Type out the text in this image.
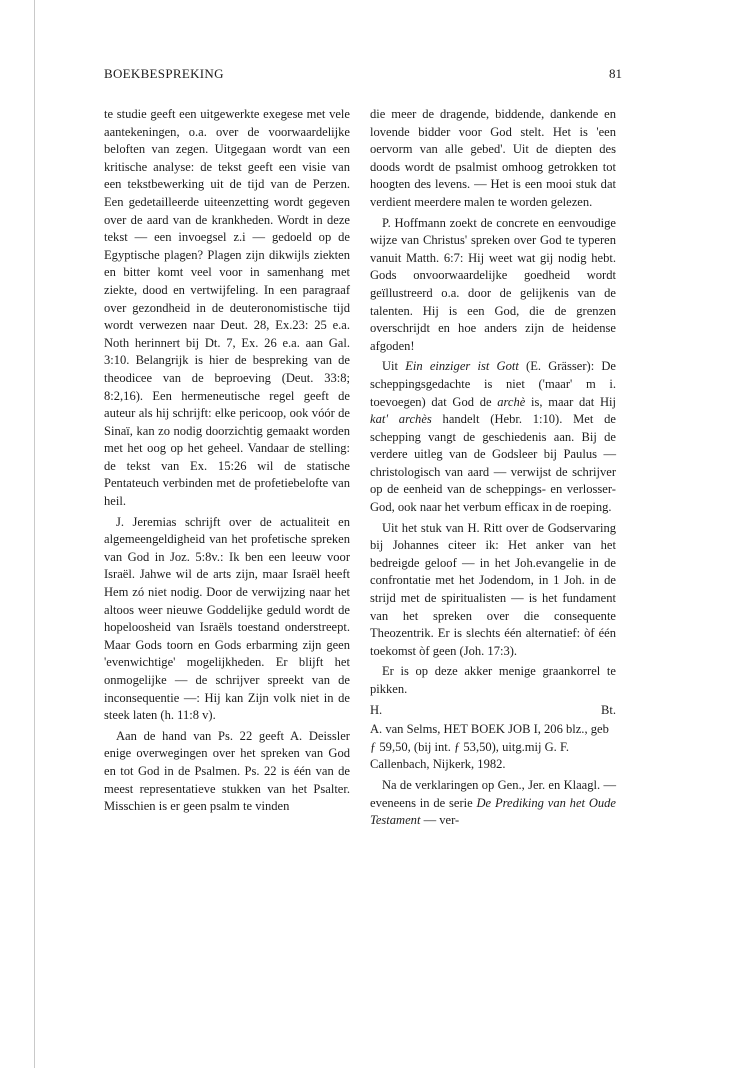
BOEKBESPREKING	81

te studie geeft een uitgewerkte exegese met vele aantekeningen, o.a. over de voorwaardelijke beloften van zegen. Uitgegaan wordt van een kritische analyse: de tekst geeft een visie van een tekstbewerking uit de tijd van de Perzen. Een gedetailleerde uiteenzetting wordt gegeven over de aard van de krankheden. Wordt in deze tekst — een invoegsel z.i — gedoeld op de Egyptische plagen? Plagen zijn dikwijls ziekten en bitter komt veel voor in samenhang met ziekte, dood en vertwijfeling. In een paragraaf over gezondheid in de deuteronomistische tijd wordt verwezen naar Deut. 28, Ex.23: 25 e.a. Noth herinnert bij Dt. 7, Ex. 26 e.a. aan Gal. 3:10. Belangrijk is hier de bespreking van de theodicee van de beproeving (Deut. 33:8; 8:2,16). Een hermeneutische regel geeft de auteur als hij schrijft: elke pericoop, ook vóór de Sinaï, kan zo nodig doorzichtig gemaakt worden met het oog op het geheel. Vandaar de stelling: de tekst van Ex. 15:26 wil de statische Pentateuch verbinden met de profetiebelofte van heil.

J. Jeremias schrijft over de actualiteit en algemeengeldigheid van het profetische spreken van God in Joz. 5:8v.: Ik ben een leeuw voor Israël. Jahwe wil de arts zijn, maar Israël heeft Hem zó niet nodig. Door de verwijzing naar het altoos weer nieuwe Goddelijke geduld wordt de hopeloosheid van Israëls toestand onderstreept. Maar Gods toorn en Gods erbarming zijn geen 'evenwichtige' mogelijkheden. Er blijft het onmogelijke — de schrijver spreekt van de inconsequentie —: Hij kan Zijn volk niet in de steek laten (h. 11:8 v).

Aan de hand van Ps. 22 geeft A. Deissler enige overwegingen over het spreken van God en tot God in de Psalmen. Ps. 22 is één van de meest representatieve stukken van het Psalter. Misschien is er geen psalm te vinden

die meer de dragende, biddende, dankende en lovende bidder voor God stelt. Het is 'een oervorm van alle gebed'. Uit de diepten des doods wordt de psalmist omhoog getrokken tot hoogten des levens. — Het is een mooi stuk dat verdient meerdere malen te worden gelezen.

P. Hoffmann zoekt de concrete en eenvoudige wijze van Christus' spreken over God te typeren vanuit Matth. 6:7: Hij weet wat gij nodig hebt. Gods onvoorwaardelijke goedheid wordt geïllustreerd o.a. door de gelijkenis van de talenten. Hij is een God, die de grenzen overschrijdt en hoe anders zijn de heidense afgoden!

Uit Ein einziger ist Gott (E. Grässer): De scheppingsgedachte is niet ('maar' m i. toevoegen) dat God de archè is, maar dat Hij kat' archès handelt (Hebr. 1:10). Met de schepping vangt de geschiedenis aan. Bij de verdere uitleg van de Godsleer bij Paulus — christologisch van aard — verwijst de schrijver op de eenheid van de scheppings- en verlosser-God, ook naar het verbum efficax in de roeping.

Uit het stuk van H. Ritt over de Godservaring bij Johannes citeer ik: Het anker van het bedreigde geloof — in het Joh.evangelie in de confrontatie met het Jodendom, in 1 Joh. in de strijd met de spiritualisten — is het fundament van het spreken over die consequente Theozentrik. Er is slechts één alternatief: òf één toekomst òf geen (Joh. 17:3).

Er is op deze akker menige graankorrel te pikken.

H.	Bt.

A. van Selms, HET BOEK JOB I, 206 blz., geb ƒ 59,50, (bij int. ƒ 53,50), uitg.mij G. F. Callenbach, Nijkerk, 1982.

Na de verklaringen op Gen., Jer. en Klaagl. — eveneens in de serie De Prediking van het Oude Testament — ver-
